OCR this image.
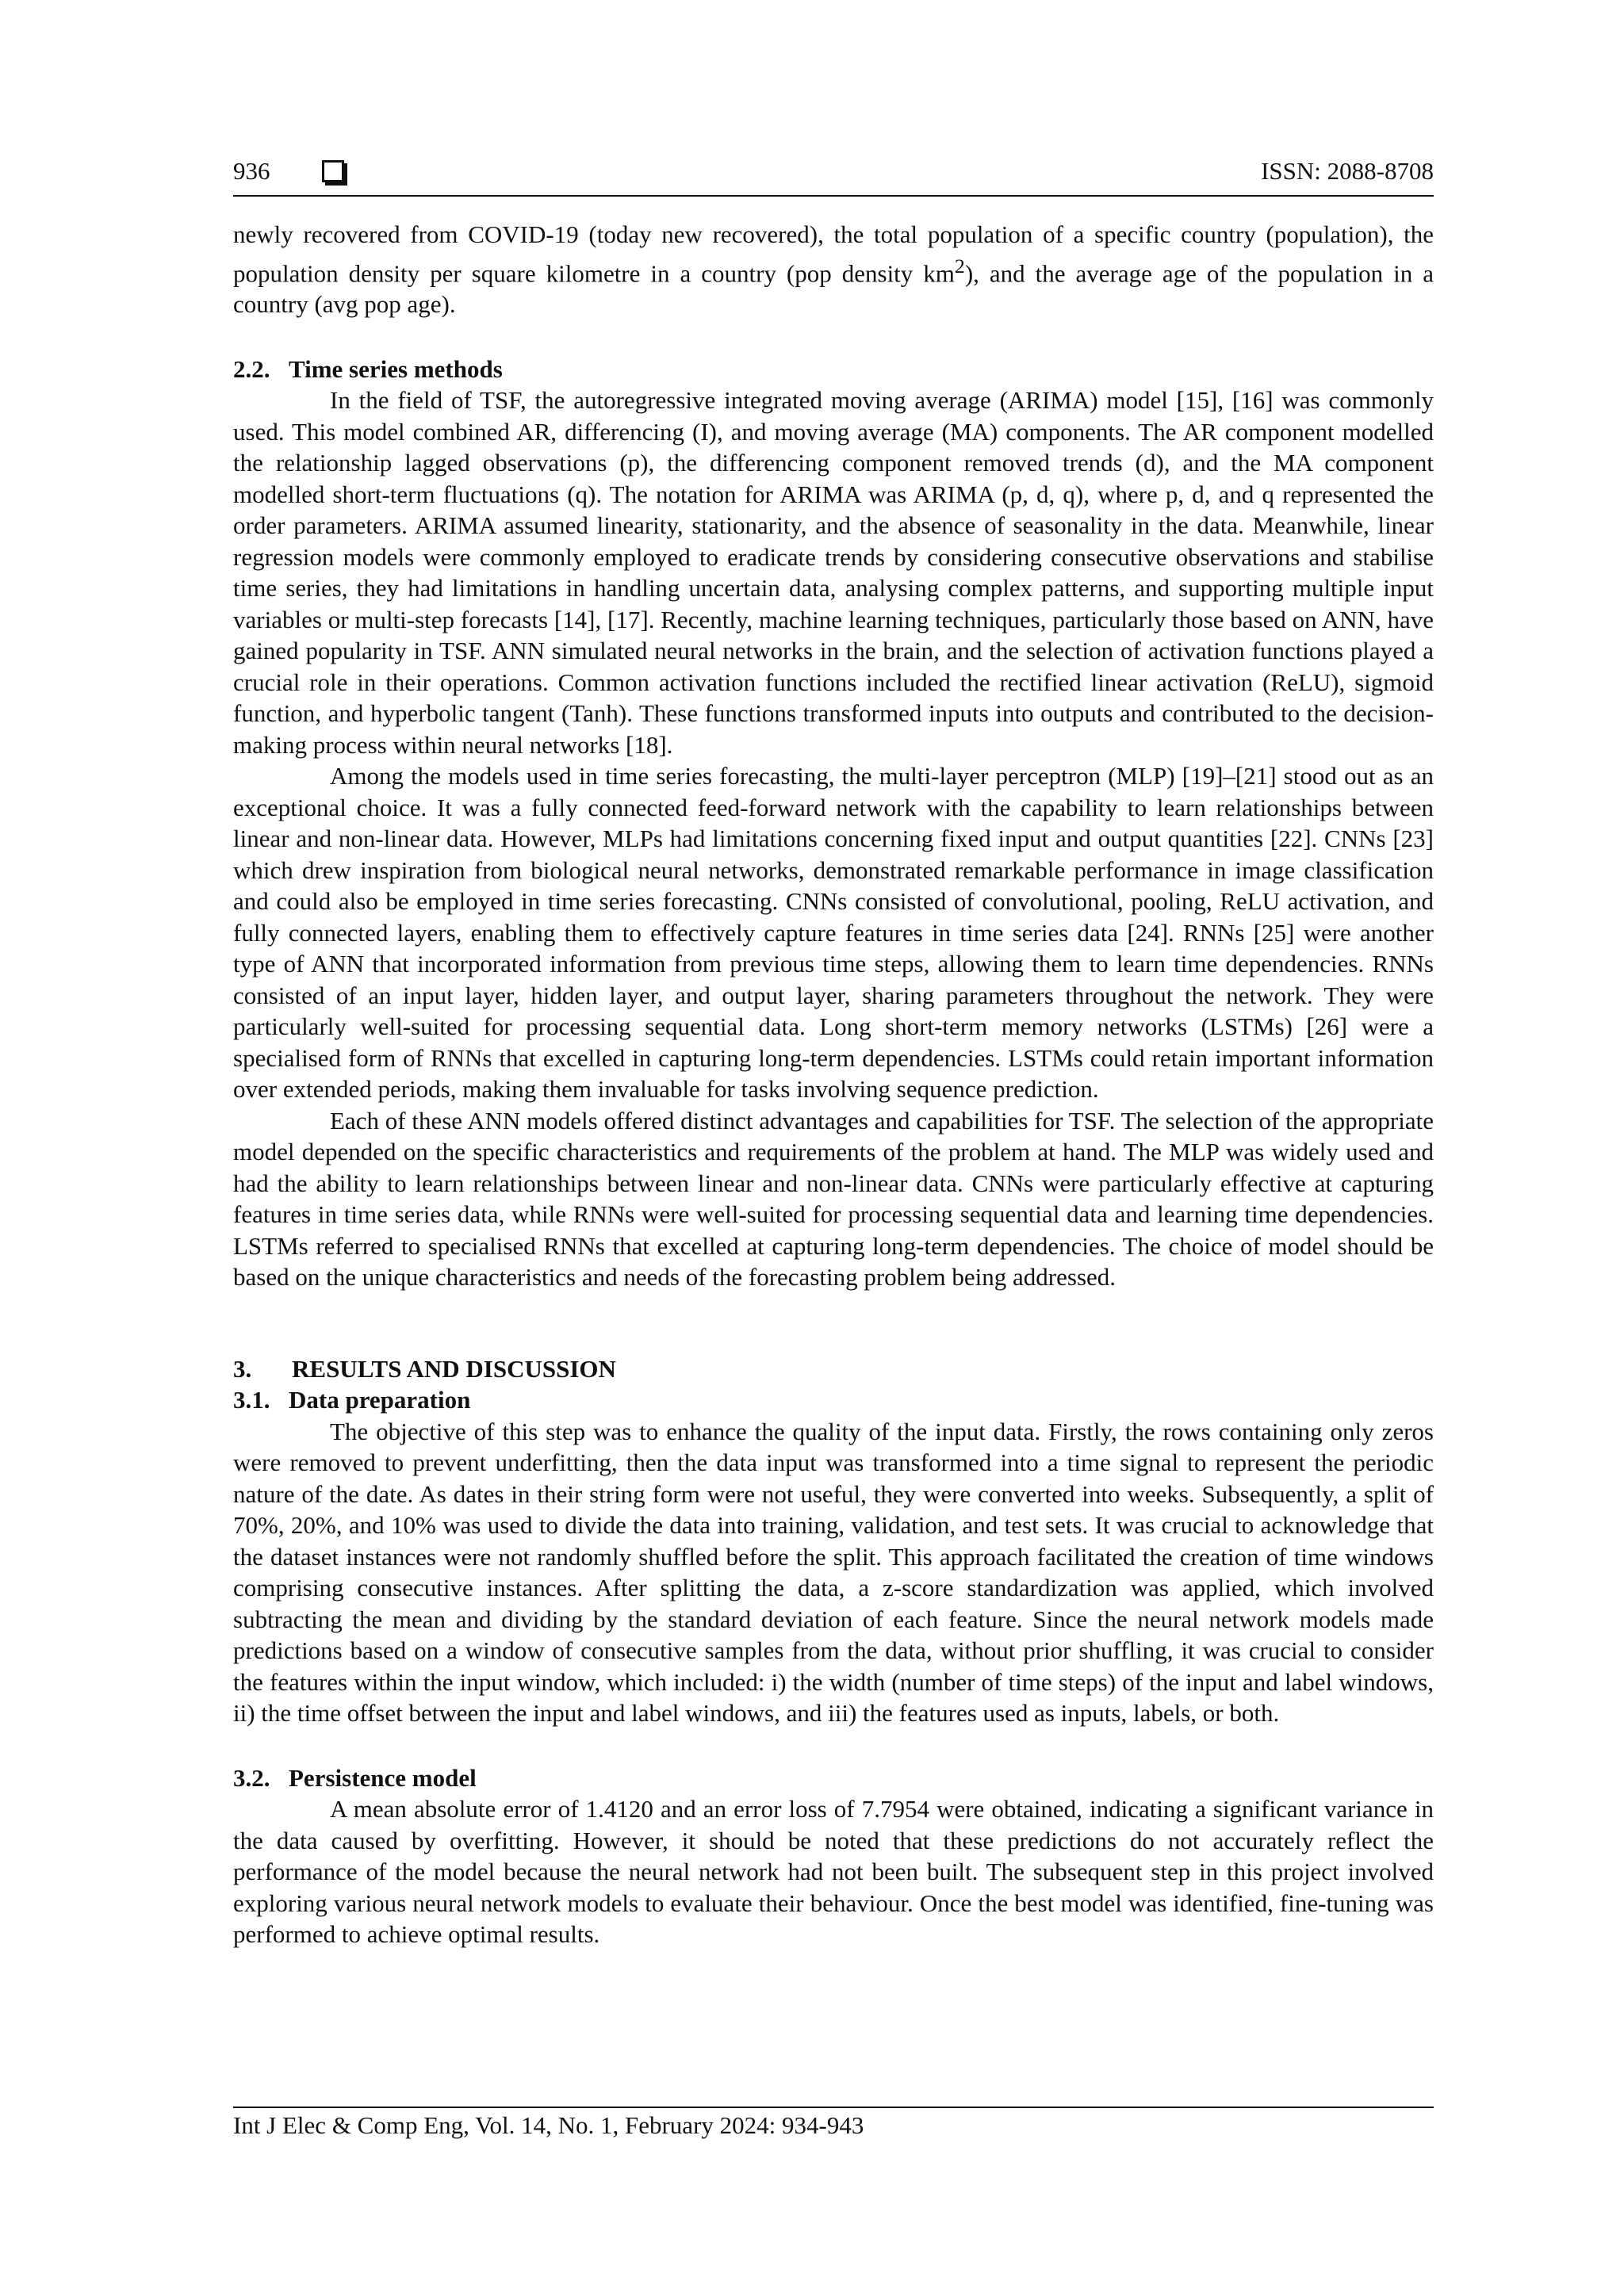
936	ISSN: 2088-8708

newly recovered from COVID-19 (today new recovered), the total population of a specific country (population), the population density per square kilometre in a country (pop density $km^2$), and the average age of the population in a country (avg pop age).

2.2. Time series methods

In the field of TSF, the autoregressive integrated moving average (ARIMA) model [15], [16] was commonly used. This model combined AR, differencing (I), and moving average (MA) components. The AR component modelled the relationship lagged observations (p), the differencing component removed trends (d), and the MA component modelled short-term fluctuations (q). The notation for ARIMA was ARIMA (p, d, q), where p, d, and q represented the order parameters. ARIMA assumed linearity, stationarity, and the absence of seasonality in the data. Meanwhile, linear regression models were commonly employed to eradicate trends by considering consecutive observations and stabilise time series, they had limitations in handling uncertain data, analysing complex patterns, and supporting multiple input variables or multi-step forecasts [14], [17]. Recently, machine learning techniques, particularly those based on ANN, have gained popularity in TSF. ANN simulated neural networks in the brain, and the selection of activation functions played a crucial role in their operations. Common activation functions included the rectified linear activation (ReLU), sigmoid function, and hyperbolic tangent (Tanh). These functions transformed inputs into outputs and contributed to the decision-making process within neural networks [18].

Among the models used in time series forecasting, the multi-layer perceptron (MLP) [19]–[21] stood out as an exceptional choice. It was a fully connected feed-forward network with the capability to learn relationships between linear and non-linear data. However, MLPs had limitations concerning fixed input and output quantities [22]. CNNs [23] which drew inspiration from biological neural networks, demonstrated remarkable performance in image classification and could also be employed in time series forecasting. CNNs consisted of convolutional, pooling, ReLU activation, and fully connected layers, enabling them to effectively capture features in time series data [24]. RNNs [25] were another type of ANN that incorporated information from previous time steps, allowing them to learn time dependencies. RNNs consisted of an input layer, hidden layer, and output layer, sharing parameters throughout the network. They were particularly well-suited for processing sequential data. Long short-term memory networks (LSTMs) [26] were a specialised form of RNNs that excelled in capturing long-term dependencies. LSTMs could retain important information over extended periods, making them invaluable for tasks involving sequence prediction.

Each of these ANN models offered distinct advantages and capabilities for TSF. The selection of the appropriate model depended on the specific characteristics and requirements of the problem at hand. The MLP was widely used and had the ability to learn relationships between linear and non-linear data. CNNs were particularly effective at capturing features in time series data, while RNNs were well-suited for processing sequential data and learning time dependencies. LSTMs referred to specialised RNNs that excelled at capturing long-term dependencies. The choice of model should be based on the unique characteristics and needs of the forecasting problem being addressed.

3. RESULTS AND DISCUSSION
3.1. Data preparation

The objective of this step was to enhance the quality of the input data. Firstly, the rows containing only zeros were removed to prevent underfitting, then the data input was transformed into a time signal to represent the periodic nature of the date. As dates in their string form were not useful, they were converted into weeks. Subsequently, a split of 70%, 20%, and 10% was used to divide the data into training, validation, and test sets. It was crucial to acknowledge that the dataset instances were not randomly shuffled before the split. This approach facilitated the creation of time windows comprising consecutive instances. After splitting the data, a z-score standardization was applied, which involved subtracting the mean and dividing by the standard deviation of each feature. Since the neural network models made predictions based on a window of consecutive samples from the data, without prior shuffling, it was crucial to consider the features within the input window, which included: i) the width (number of time steps) of the input and label windows, ii) the time offset between the input and label windows, and iii) the features used as inputs, labels, or both.

3.2. Persistence model

A mean absolute error of 1.4120 and an error loss of 7.7954 were obtained, indicating a significant variance in the data caused by overfitting. However, it should be noted that these predictions do not accurately reflect the performance of the model because the neural network had not been built. The subsequent step in this project involved exploring various neural network models to evaluate their behaviour. Once the best model was identified, fine-tuning was performed to achieve optimal results.

Int J Elec & Comp Eng, Vol. 14, No. 1, February 2024: 934-943
